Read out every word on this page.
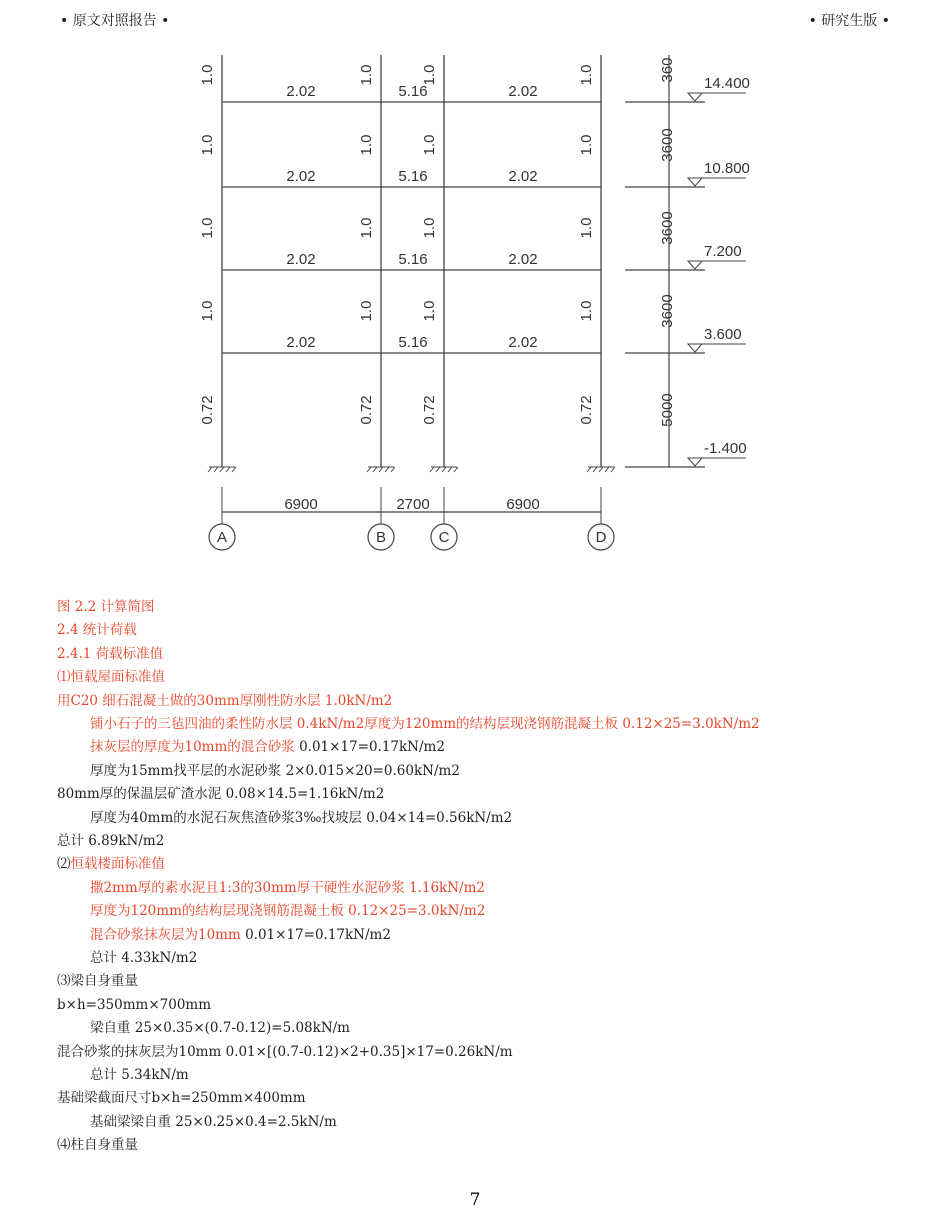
• 原文对照报告 •	• 研究生版 •
A	B	C	D
2.02	5.16	2.02
2.02	5.16	2.02
2.02	5.16	2.02
2.02	5.16	2.02
1.0	1.0	1.0	1.0
1.0	1.0	1.0	1.0
1.0	1.0	1.0	1.0
1.0	1.0	1.0	1.0
0.72	0.72	0.72	0.72
6900	2700	6900
14.400
10.800
7.200
3.600
-1.400
360
3600
3600
3600
5000
图 2.2 计算简图
2.4 统计荷载
2.4.1 荷载标准值
⑴恒载屋面标准值
用C20 细石混凝土做的30mm厚刚性防水层 1.0kN/m2
铺小石子的三毡四油的柔性防水层 0.4kN/m2厚度为120mm的结构层现浇钢筋混凝土板 0.12×25=3.0kN/m2
抹灰层的厚度为10mm的混合砂浆 0.01×17=0.17kN/m2
厚度为15mm找平层的水泥砂浆 2×0.015×20=0.60kN/m2
80mm厚的保温层矿渣水泥 0.08×14.5=1.16kN/m2
厚度为40mm的水泥石灰焦渣砂浆3‰找坡层 0.04×14=0.56kN/m2
总计 6.89kN/m2
⑵恒载楼面标准值
撒2mm厚的素水泥且1:3的30mm厚干硬性水泥砂浆 1.16kN/m2
厚度为120mm的结构层现浇钢筋混凝土板 0.12×25=3.0kN/m2
混合砂浆抹灰层为10mm 0.01×17=0.17kN/m2
总计 4.33kN/m2
⑶梁自身重量
b×h=350mm×700mm
梁自重 25×0.35×(0.7-0.12)=5.08kN/m
混合砂浆的抹灰层为10mm 0.01×[(0.7-0.12)×2+0.35]×17=0.26kN/m
总计 5.34kN/m
基础梁截面尺寸b×h=250mm×400mm
基础梁梁自重 25×0.25×0.4=2.5kN/m
⑷柱自身重量
7
